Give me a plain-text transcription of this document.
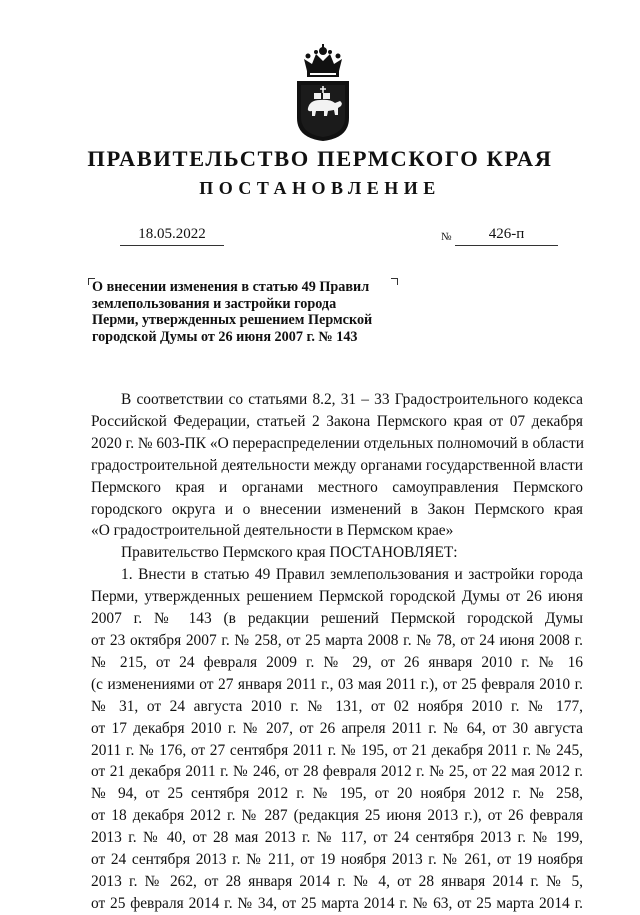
ПРАВИТЕЛЬСТВО ПЕРМСКОГО КРАЯ
ПОСТАНОВЛЕНИЕ
18.05.2022	№	426-п
О внесении изменения в статью 49 Правил
землепользования и застройки города
Перми, утвержденных решением Пермской
городской Думы от 26 июня 2007 г. № 143
В соответствии со статьями 8.2, 31 – 33 Градостроительного кодекса
Российской Федерации, статьей 2 Закона Пермского края от 07 декабря
2020 г. № 603-ПК «О перераспределении отдельных полномочий в области
градостроительной деятельности между органами государственной власти
Пермского края и органами местного самоуправления Пермского
городского округа и о внесении изменений в Закон Пермского края
«О градостроительной деятельности в Пермском крае»
Правительство Пермского края ПОСТАНОВЛЯЕТ:
1. Внести в статью 49 Правил землепользования и застройки города
Перми, утвержденных решением Пермской городской Думы от 26 июня
2007 г. № 143 (в редакции решений Пермской городской Думы
от 23 октября 2007 г. № 258, от 25 марта 2008 г. № 78, от 24 июня 2008 г.
№ 215, от 24 февраля 2009 г. № 29, от 26 января 2010 г. № 16
(с изменениями от 27 января 2011 г., 03 мая 2011 г.), от 25 февраля 2010 г.
№ 31, от 24 августа 2010 г. № 131, от 02 ноября 2010 г. № 177,
от 17 декабря 2010 г. № 207, от 26 апреля 2011 г. № 64, от 30 августа
2011 г. № 176, от 27 сентября 2011 г. № 195, от 21 декабря 2011 г. № 245,
от 21 декабря 2011 г. № 246, от 28 февраля 2012 г. № 25, от 22 мая 2012 г.
№ 94, от 25 сентября 2012 г. № 195, от 20 ноября 2012 г. № 258,
от 18 декабря 2012 г. № 287 (редакция 25 июня 2013 г.), от 26 февраля
2013 г. № 40, от 28 мая 2013 г. № 117, от 24 сентября 2013 г. № 199,
от 24 сентября 2013 г. № 211, от 19 ноября 2013 г. № 261, от 19 ноября
2013 г. № 262, от 28 января 2014 г. № 4, от 28 января 2014 г. № 5,
от 25 февраля 2014 г. № 34, от 25 марта 2014 г. № 63, от 25 марта 2014 г.
